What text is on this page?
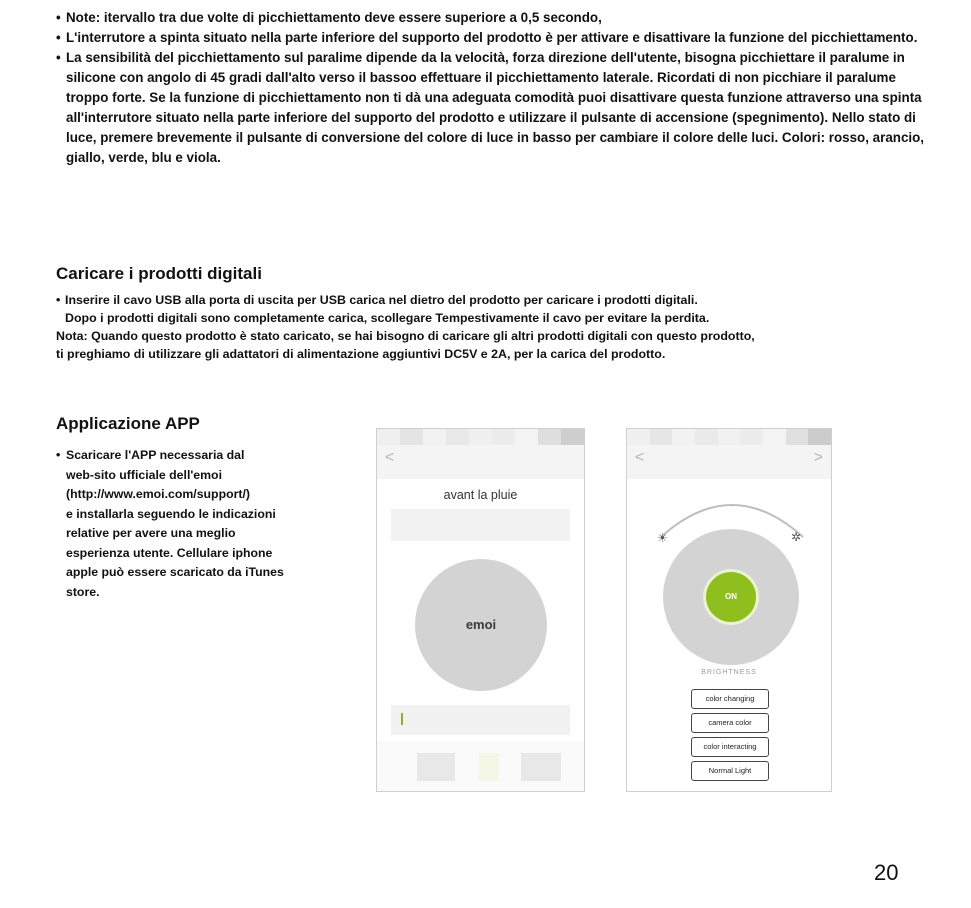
• Note: itervallo tra due volte di picchiettamento deve essere superiore a 0,5 secondo,

• L'interrutore a spinta situato nella parte inferiore del supporto del prodotto è per attivare e disattivare la funzione del picchiettamento.

• La sensibilità del picchiettamento sul paralime dipende da la velocità, forza direzione dell'utente, bisogna picchiettare il paralume in silicone con angolo di 45 gradi dall'alto verso il bassoo effettuare il picchiettamento laterale. Ricordati di non picchiare il paralume troppo forte. Se la funzione di picchiettamento non ti dà una adeguata comodità puoi disattivare questa funzione attraverso una spinta all'interrutore situato nella parte inferiore del supporto del prodotto e utilizzare il pulsante di accensione (spegnimento). Nello stato di luce, premere brevemente il pulsante di conversione del colore di luce in basso per cambiare il colore delle luci. Colori: rosso, arancio, giallo, verde, blu e viola.

Caricare i prodotti digitali

• Inserire il cavo USB alla porta di uscita per USB carica nel dietro del prodotto per caricare i prodotti digitali.

Dopo i prodotti digitali sono completamente carica, scollegare Tempestivamente il cavo per evitare la perdita.

Nota: Quando questo prodotto è stato caricato, se hai bisogno di caricare gli altri prodotti digitali con questo prodotto,

ti preghiamo di utilizzare gli adattatori di alimentazione aggiuntivi DC5V e 2A, per la carica del prodotto.

Applicazione APP
• Scaricare l'APP necessaria dal
web-sito ufficiale dell'emoi
(http://www.emoi.com/support/)
e installarla seguendo le indicazioni
relative per avere una meglio
esperienza utente. Cellulare iphone
apple può essere scaricato da iTunes
store.
<
avant la pluie
emoi
<	>
☀	✲
ON
BRIGHTNESS
color changing
camera color
color interacting
Normal Light
20
